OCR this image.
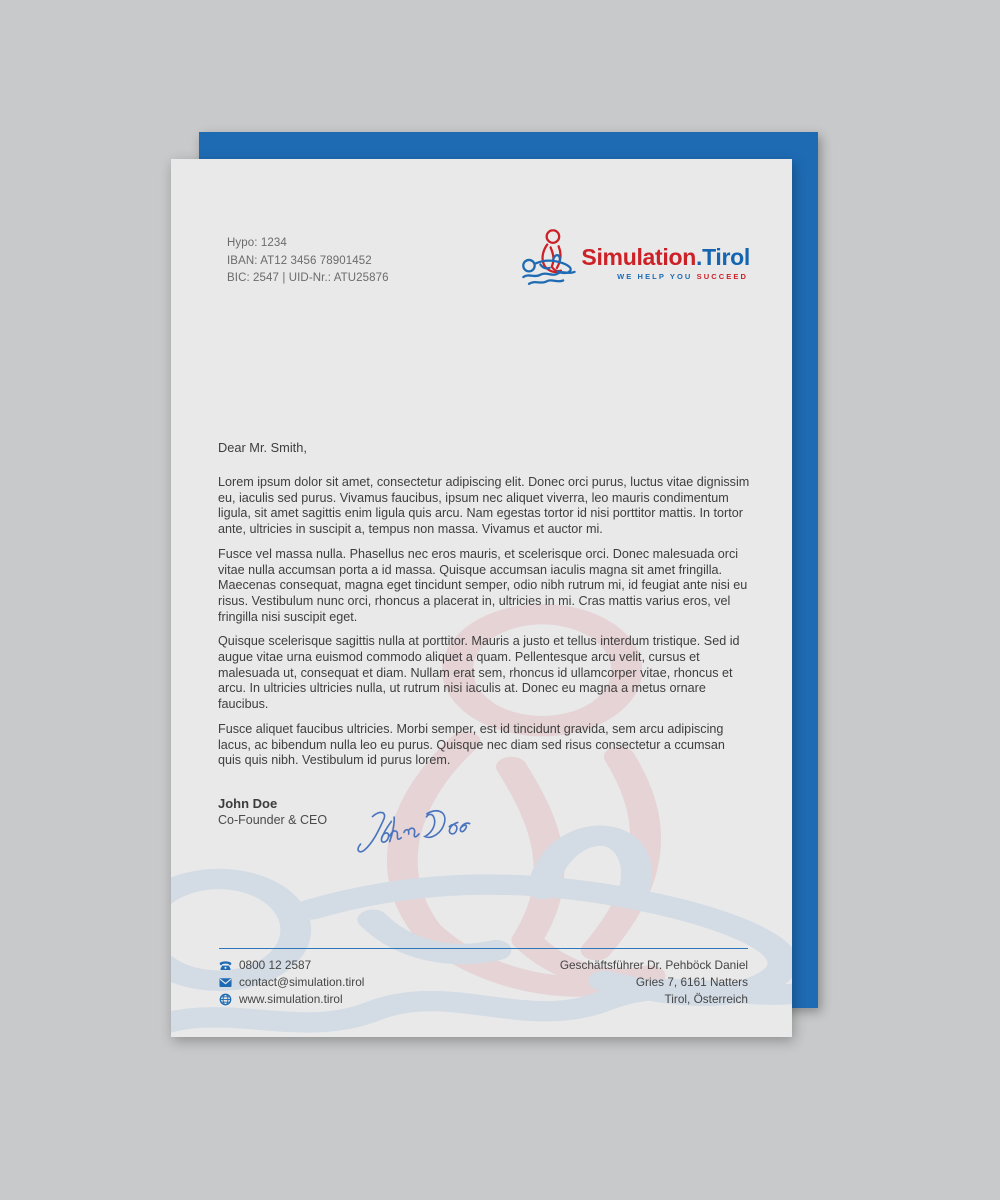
Hypo: 1234
IBAN: AT12 3456 78901452
BIC: 2547 | UID-Nr.: ATU25876
Simulation.Tirol
WE HELP YOU SUCCEED
Dear Mr. Smith,

Lorem ipsum dolor sit amet, consectetur adipiscing elit. Donec orci purus, luctus vitae dignissim eu, iaculis sed purus. Vivamus faucibus, ipsum nec aliquet viverra, leo mauris condimentum ligula, sit amet sagittis enim ligula quis arcu. Nam egestas tortor id nisi porttitor mattis. In tortor ante, ultricies in suscipit a, tempus non massa. Vivamus et auctor mi.

Fusce vel massa nulla. Phasellus nec eros mauris, et scelerisque orci. Donec malesuada orci vitae nulla accumsan porta a id massa. Quisque accumsan iaculis magna sit amet fringilla. Maecenas consequat, magna eget tincidunt semper, odio nibh rutrum mi, id feugiat ante nisi eu risus. Vestibulum nunc orci, rhoncus a placerat in, ultricies in mi. Cras mattis varius eros, vel fringilla nisi suscipit eget.

Quisque scelerisque sagittis nulla at porttitor. Mauris a justo et tellus interdum tristique. Sed id augue vitae urna euismod commodo aliquet a quam. Pellentesque arcu velit, cursus et malesuada ut, consequat et diam. Nullam erat sem, rhoncus id ullamcorper vitae, rhoncus et arcu. In ultricies ultricies nulla, ut rutrum nisi iaculis at. Donec eu magna a metus ornare faucibus.

Fusce aliquet faucibus ultricies. Morbi semper, est id tincidunt gravida, sem arcu adipiscing lacus, ac bibendum nulla leo eu purus. Quisque nec diam sed risus consectetur a ccumsan quis quis nibh. Vestibulum id purus lorem.

John Doe
Co-Founder & CEO
0800 12 2587
contact@simulation.tirol
www.simulation.tirol
Geschäftsführer Dr. Pehböck Daniel
Gries 7, 6161 Natters
Tirol, Österreich
